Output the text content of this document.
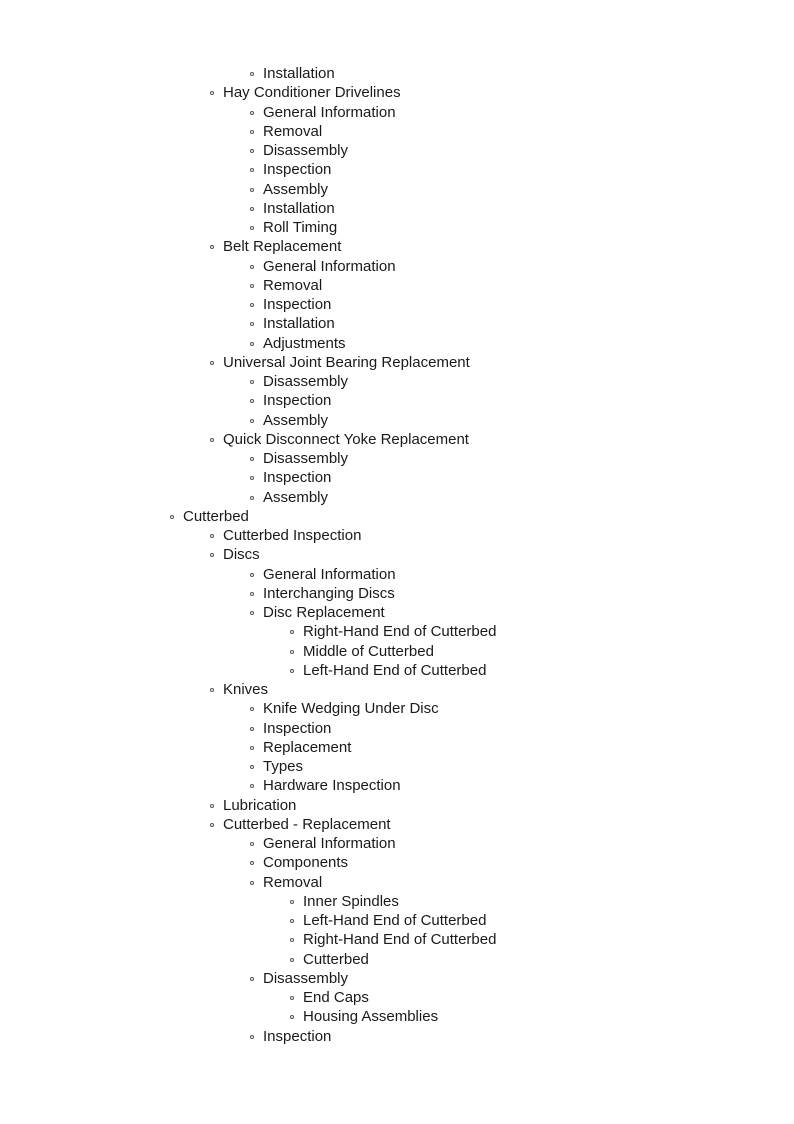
Installation
Hay Conditioner Drivelines
General Information
Removal
Disassembly
Inspection
Assembly
Installation
Roll Timing
Belt Replacement
General Information
Removal
Inspection
Installation
Adjustments
Universal Joint Bearing Replacement
Disassembly
Inspection
Assembly
Quick Disconnect Yoke Replacement
Disassembly
Inspection
Assembly
Cutterbed
Cutterbed Inspection
Discs
General Information
Interchanging Discs
Disc Replacement
Right-Hand End of Cutterbed
Middle of Cutterbed
Left-Hand End of Cutterbed
Knives
Knife Wedging Under Disc
Inspection
Replacement
Types
Hardware Inspection
Lubrication
Cutterbed - Replacement
General Information
Components
Removal
Inner Spindles
Left-Hand End of Cutterbed
Right-Hand End of Cutterbed
Cutterbed
Disassembly
End Caps
Housing Assemblies
Inspection
